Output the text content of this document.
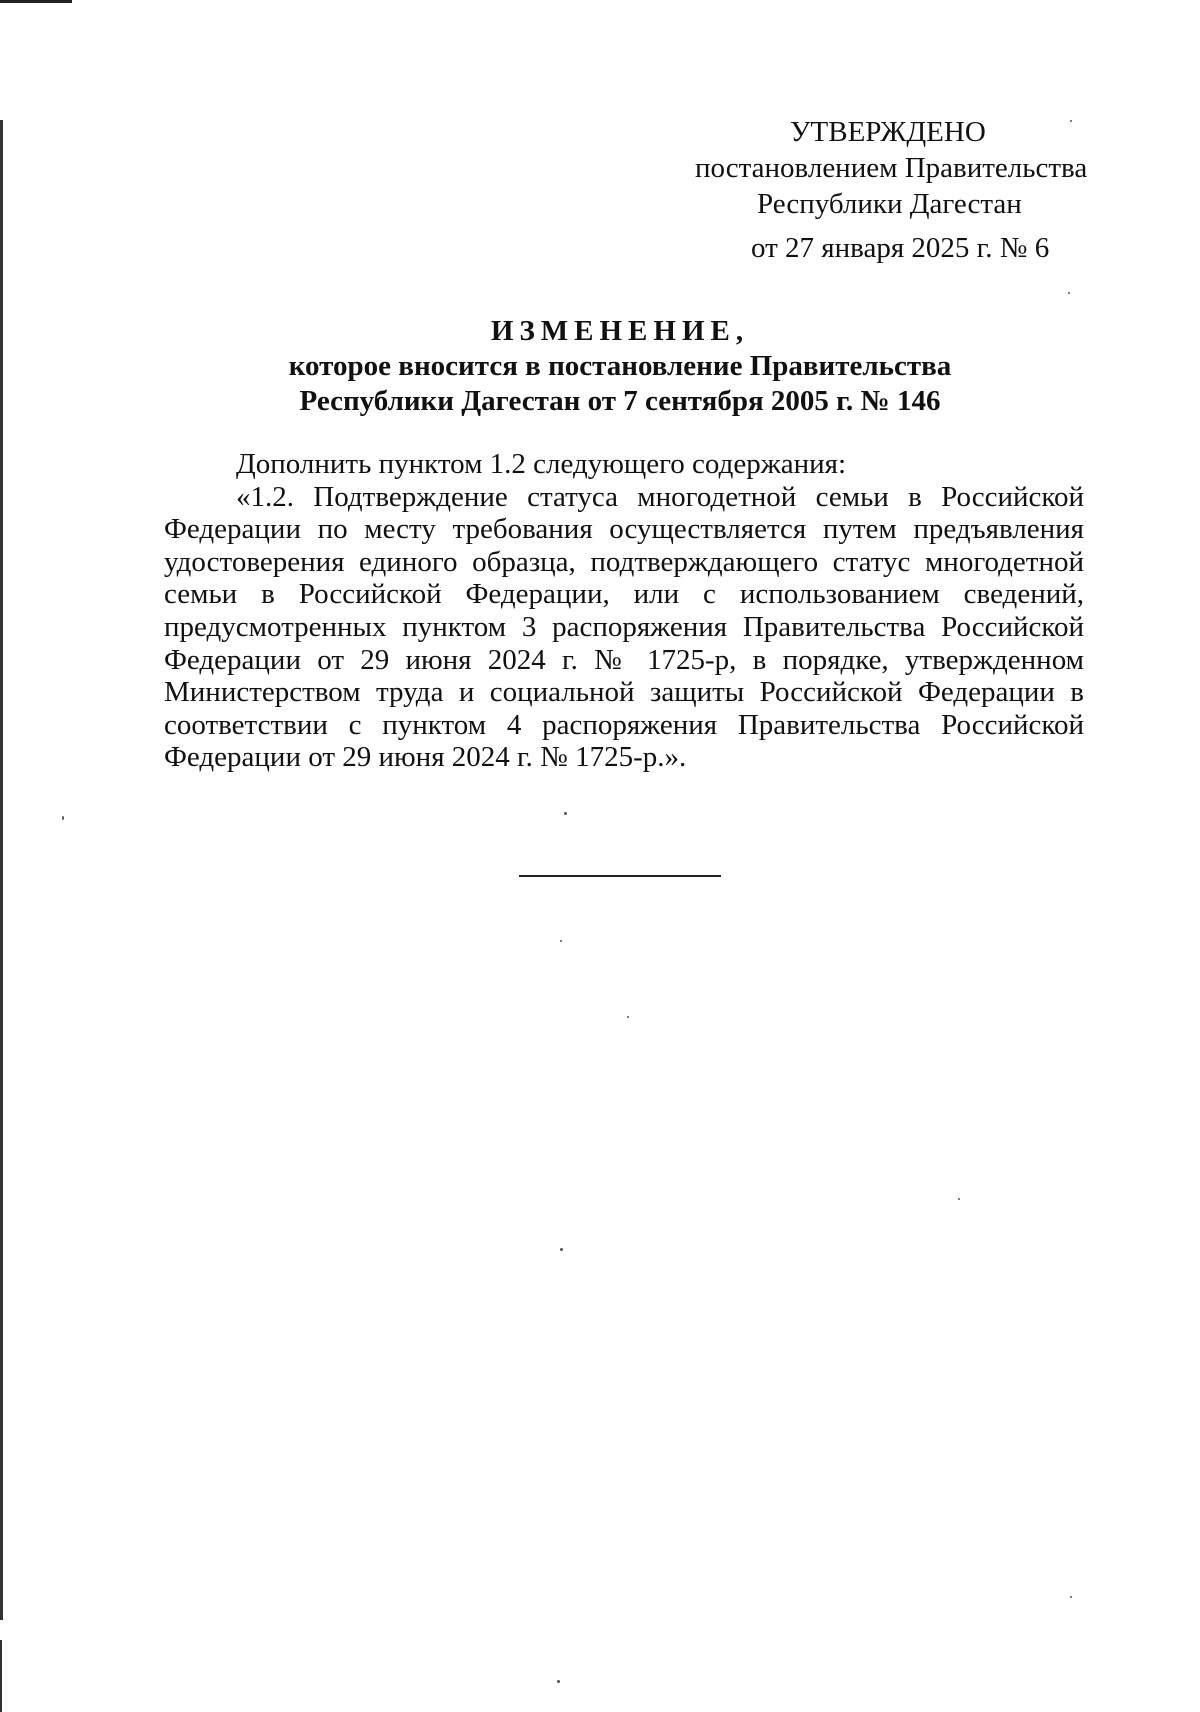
УТВЕРЖДЕНО
постановлением Правительства
Республики Дагестан
от 27 января 2025 г. № 6
ИЗМЕНЕНИЕ,
которое вносится в постановление Правительства
Республики Дагестан от 7 сентября 2005 г. № 146

Дополнить пунктом 1.2 следующего содержания:

«1.2. Подтверждение статуса многодетной семьи в Российской Федерации по месту требования осуществляется путем предъявления удостоверения единого образца, подтверждающего статус многодетной семьи в Российской Федерации, или с использованием сведений, предусмотренных пунктом 3 распоряжения Правительства Российской Федерации от 29 июня 2024 г. № 1725-р, в порядке, утвержденном Министерством труда и социальной защиты Российской Федерации в соответствии с пунктом 4 распоряжения Правительства Российской Федерации от 29 июня 2024 г. № 1725-р.».
